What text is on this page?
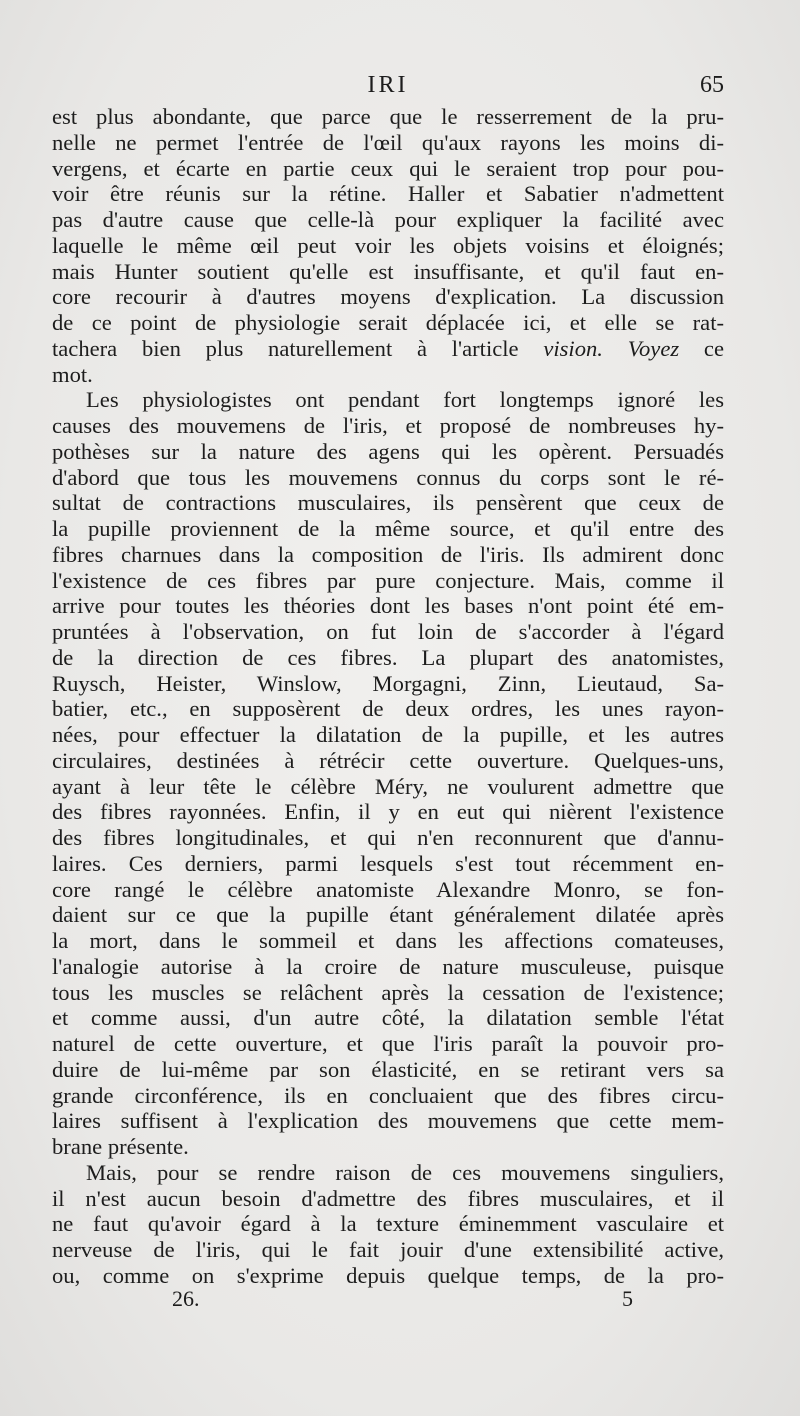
IRI	65
est plus abondante, que parce que le resserrement de la pru-
nelle ne permet l'entrée de l'œil qu'aux rayons les moins di-
vergens, et écarte en partie ceux qui le seraient trop pour pou-
voir être réunis sur la rétine. Haller et Sabatier n'admettent
pas d'autre cause que celle-là pour expliquer la facilité avec
laquelle le même œil peut voir les objets voisins et éloignés;
mais Hunter soutient qu'elle est insuffisante, et qu'il faut en-
core recourir à d'autres moyens d'explication. La discussion
de ce point de physiologie serait déplacée ici, et elle se rat-
tachera bien plus naturellement à l'article vision. Voyez ce
mot.
Les physiologistes ont pendant fort longtemps ignoré les
causes des mouvemens de l'iris, et proposé de nombreuses hy-
pothèses sur la nature des agens qui les opèrent. Persuadés
d'abord que tous les mouvemens connus du corps sont le ré-
sultat de contractions musculaires, ils pensèrent que ceux de
la pupille proviennent de la même source, et qu'il entre des
fibres charnues dans la composition de l'iris. Ils admirent donc
l'existence de ces fibres par pure conjecture. Mais, comme il
arrive pour toutes les théories dont les bases n'ont point été em-
pruntées à l'observation, on fut loin de s'accorder à l'égard
de la direction de ces fibres. La plupart des anatomistes,
Ruysch, Heister, Winslow, Morgagni, Zinn, Lieutaud, Sa-
batier, etc., en supposèrent de deux ordres, les unes rayon-
nées, pour effectuer la dilatation de la pupille, et les autres
circulaires, destinées à rétrécir cette ouverture. Quelques-uns,
ayant à leur tête le célèbre Méry, ne voulurent admettre que
des fibres rayonnées. Enfin, il y en eut qui nièrent l'existence
des fibres longitudinales, et qui n'en reconnurent que d'annu-
laires. Ces derniers, parmi lesquels s'est tout récemment en-
core rangé le célèbre anatomiste Alexandre Monro, se fon-
daient sur ce que la pupille étant généralement dilatée après
la mort, dans le sommeil et dans les affections comateuses,
l'analogie autorise à la croire de nature musculeuse, puisque
tous les muscles se relâchent après la cessation de l'existence;
et comme aussi, d'un autre côté, la dilatation semble l'état
naturel de cette ouverture, et que l'iris paraît la pouvoir pro-
duire de lui-même par son élasticité, en se retirant vers sa
grande circonférence, ils en concluaient que des fibres circu-
laires suffisent à l'explication des mouvemens que cette mem-
brane présente.
Mais, pour se rendre raison de ces mouvemens singuliers,
il n'est aucun besoin d'admettre des fibres musculaires, et il
ne faut qu'avoir égard à la texture éminemment vasculaire et
nerveuse de l'iris, qui le fait jouir d'une extensibilité active,
ou, comme on s'exprime depuis quelque temps, de la pro-
26.	5
